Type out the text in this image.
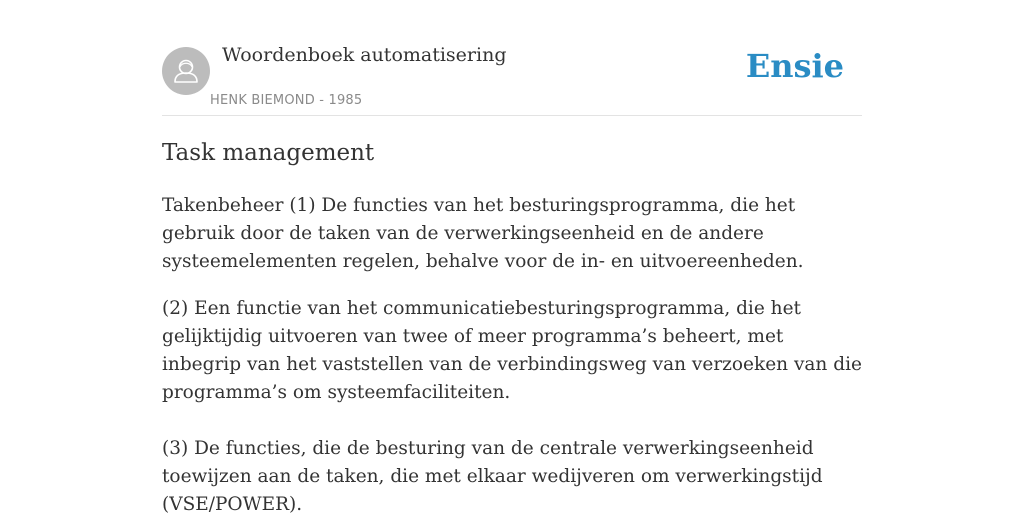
Woordenboek automatisering
HENK BIEMOND - 1985
Ensie
Task management

Takenbeheer (1) De functies van het besturingsprogramma, die het gebruik door de taken van de verwerkingseenheid en de andere systeemelementen regelen, behalve voor de in- en uitvoereenheden.

(2) Een functie van het communicatiebesturingsprogramma, die het gelijktijdig uitvoeren van twee of meer programma’s beheert, met inbegrip van het vaststellen van de verbindingsweg van verzoeken van die programma’s om systeemfaciliteiten.

(3) De functies, die de besturing van de centrale verwerkingseenheid toewijzen aan de taken, die met elkaar wedijveren om verwerkingstijd (VSE/POWER).
